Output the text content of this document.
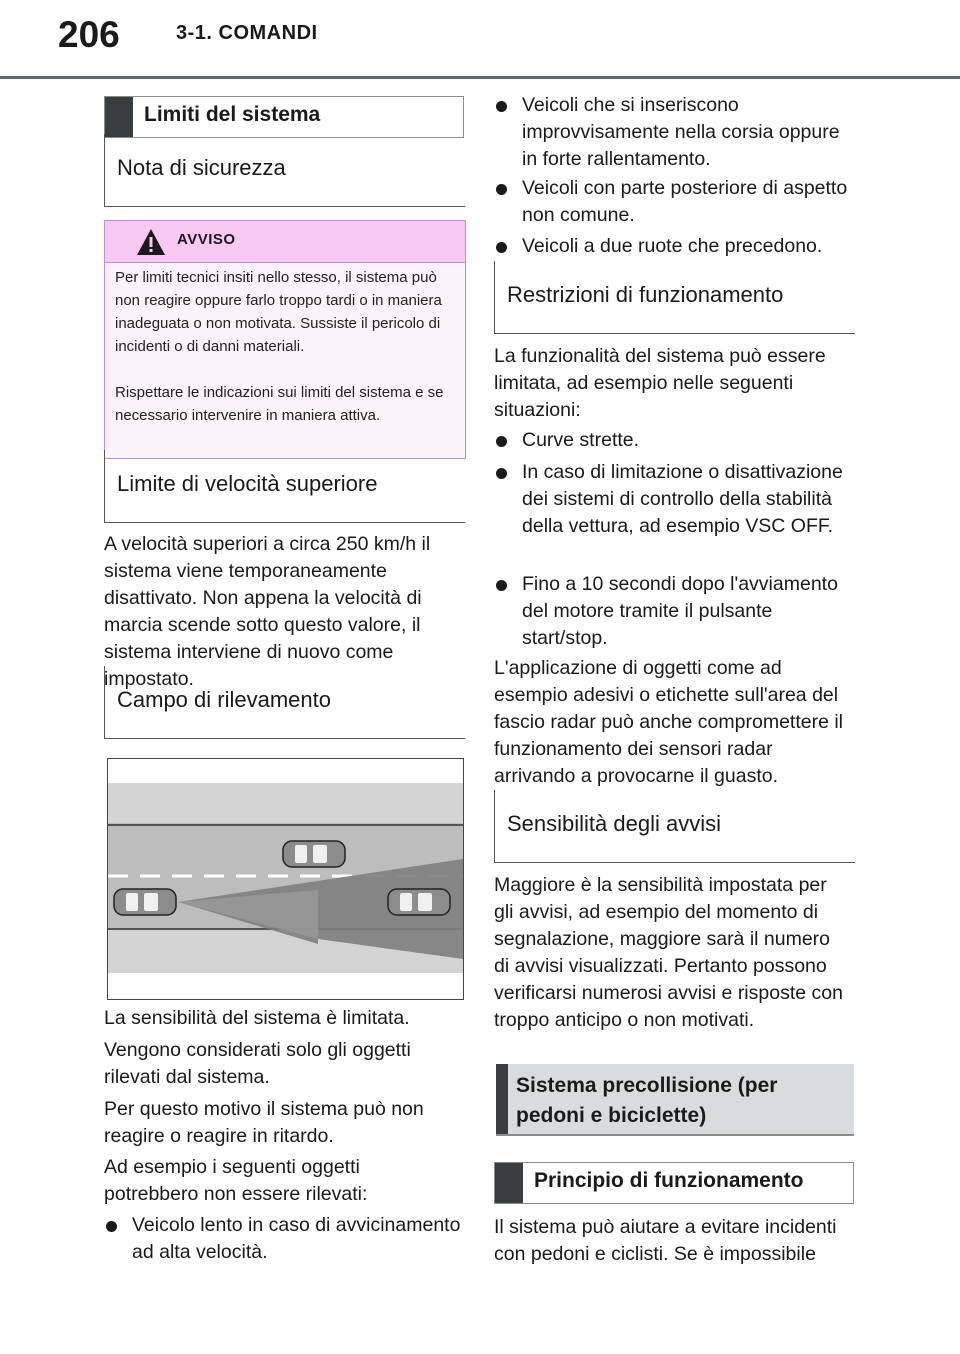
206	3-1. COMANDI
Limiti del sistema
Nota di sicurezza
AVVISO
Per limiti tecnici insiti nello stesso, il sistema può non reagire oppure farlo troppo tardi o in maniera inadeguata o non motivata. Sussiste il pericolo di incidenti o di danni materiali.
Rispettare le indicazioni sui limiti del sistema e se necessario intervenire in maniera attiva.
Limite di velocità superiore
A velocità superiori a circa 250 km/h il sistema viene temporaneamente disattivato. Non appena la velocità di marcia scende sotto questo valore, il sistema interviene di nuovo come impostato.
Campo di rilevamento
La sensibilità del sistema è limitata.
Vengono considerati solo gli oggetti rilevati dal sistema.
Per questo motivo il sistema può non reagire o reagire in ritardo.
Ad esempio i seguenti oggetti potrebbero non essere rilevati:
Veicolo lento in caso di avvicinamento ad alta velocità.
Veicoli che si inseriscono improvvisamente nella corsia oppure in forte rallentamento.
Veicoli con parte posteriore di aspetto non comune.
Veicoli a due ruote che precedono.
Restrizioni di funzionamento
La funzionalità del sistema può essere limitata, ad esempio nelle seguenti situazioni:
Curve strette.
In caso di limitazione o disattivazione dei sistemi di controllo della stabilità della vettura, ad esempio VSC OFF.
Fino a 10 secondi dopo l'avviamento del motore tramite il pulsante start/stop.
L'applicazione di oggetti come ad esempio adesivi o etichette sull'area del fascio radar può anche compromettere il funzionamento dei sensori radar arrivando a provocarne il guasto.
Sensibilità degli avvisi
Maggiore è la sensibilità impostata per gli avvisi, ad esempio del momento di segnalazione, maggiore sarà il numero di avvisi visualizzati. Pertanto possono verificarsi numerosi avvisi e risposte con troppo anticipo o non motivati.
Sistema precollisione (per pedoni e biciclette)
Principio di funzionamento
Il sistema può aiutare a evitare incidenti con pedoni e ciclisti. Se è impossibile
